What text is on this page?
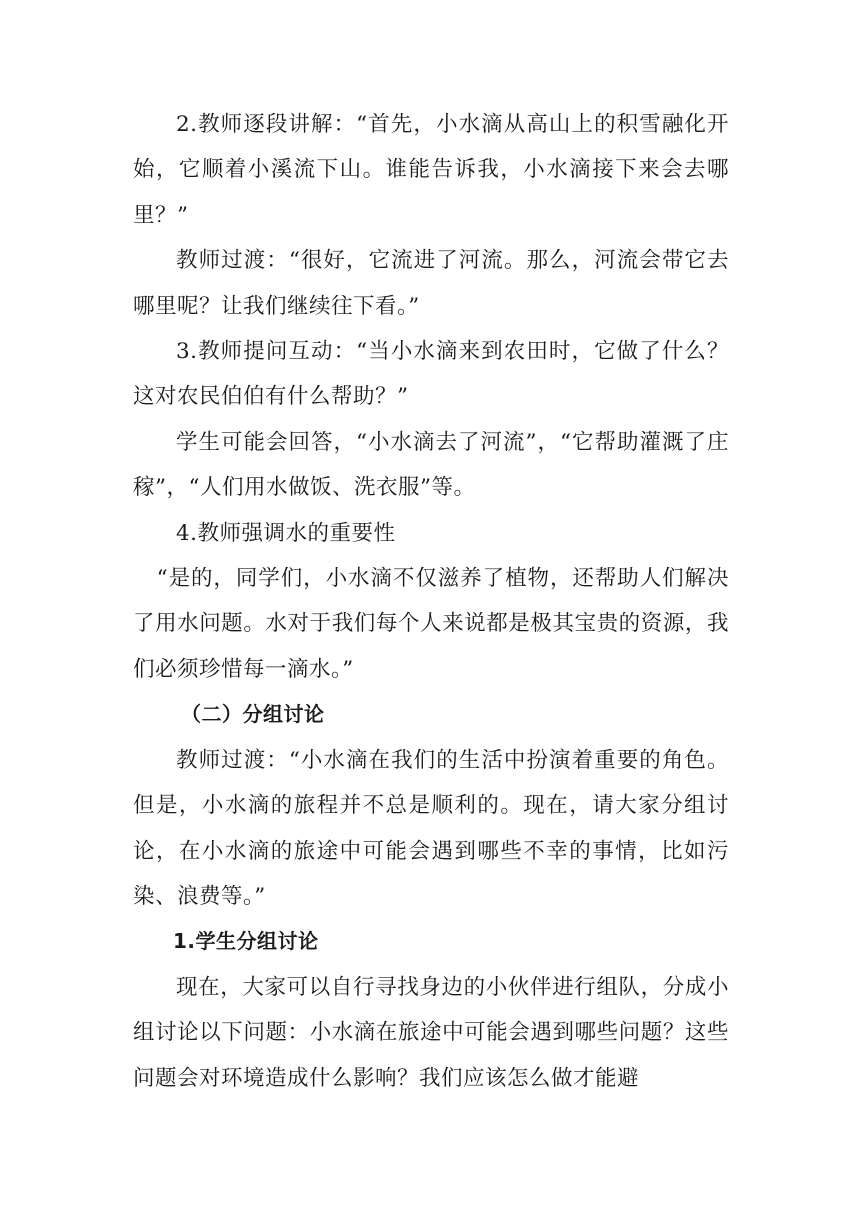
2.教师逐段讲解：“首先，小水滴从高山上的积雪融化开始，它顺着小溪流下山。谁能告诉我，小水滴接下来会去哪里？”

教师过渡：“很好，它流进了河流。那么，河流会带它去哪里呢？让我们继续往下看。”

3.教师提问互动：“当小水滴来到农田时，它做了什么？这对农民伯伯有什么帮助？”

学生可能会回答，“小水滴去了河流”，“它帮助灌溉了庄稼”，“人们用水做饭、洗衣服”等。

4.教师强调水的重要性

“是的，同学们，小水滴不仅滋养了植物，还帮助人们解决了用水问题。水对于我们每个人来说都是极其宝贵的资源，我们必须珍惜每一滴水。”

（二）分组讨论

教师过渡：“小水滴在我们的生活中扮演着重要的角色。但是，小水滴的旅程并不总是顺利的。现在，请大家分组讨论，在小水滴的旅途中可能会遇到哪些不幸的事情，比如污染、浪费等。”

1.学生分组讨论

现在，大家可以自行寻找身边的小伙伴进行组队，分成小组讨论以下问题：小水滴在旅途中可能会遇到哪些问题？这些问题会对环境造成什么影响？我们应该怎么做才能避
